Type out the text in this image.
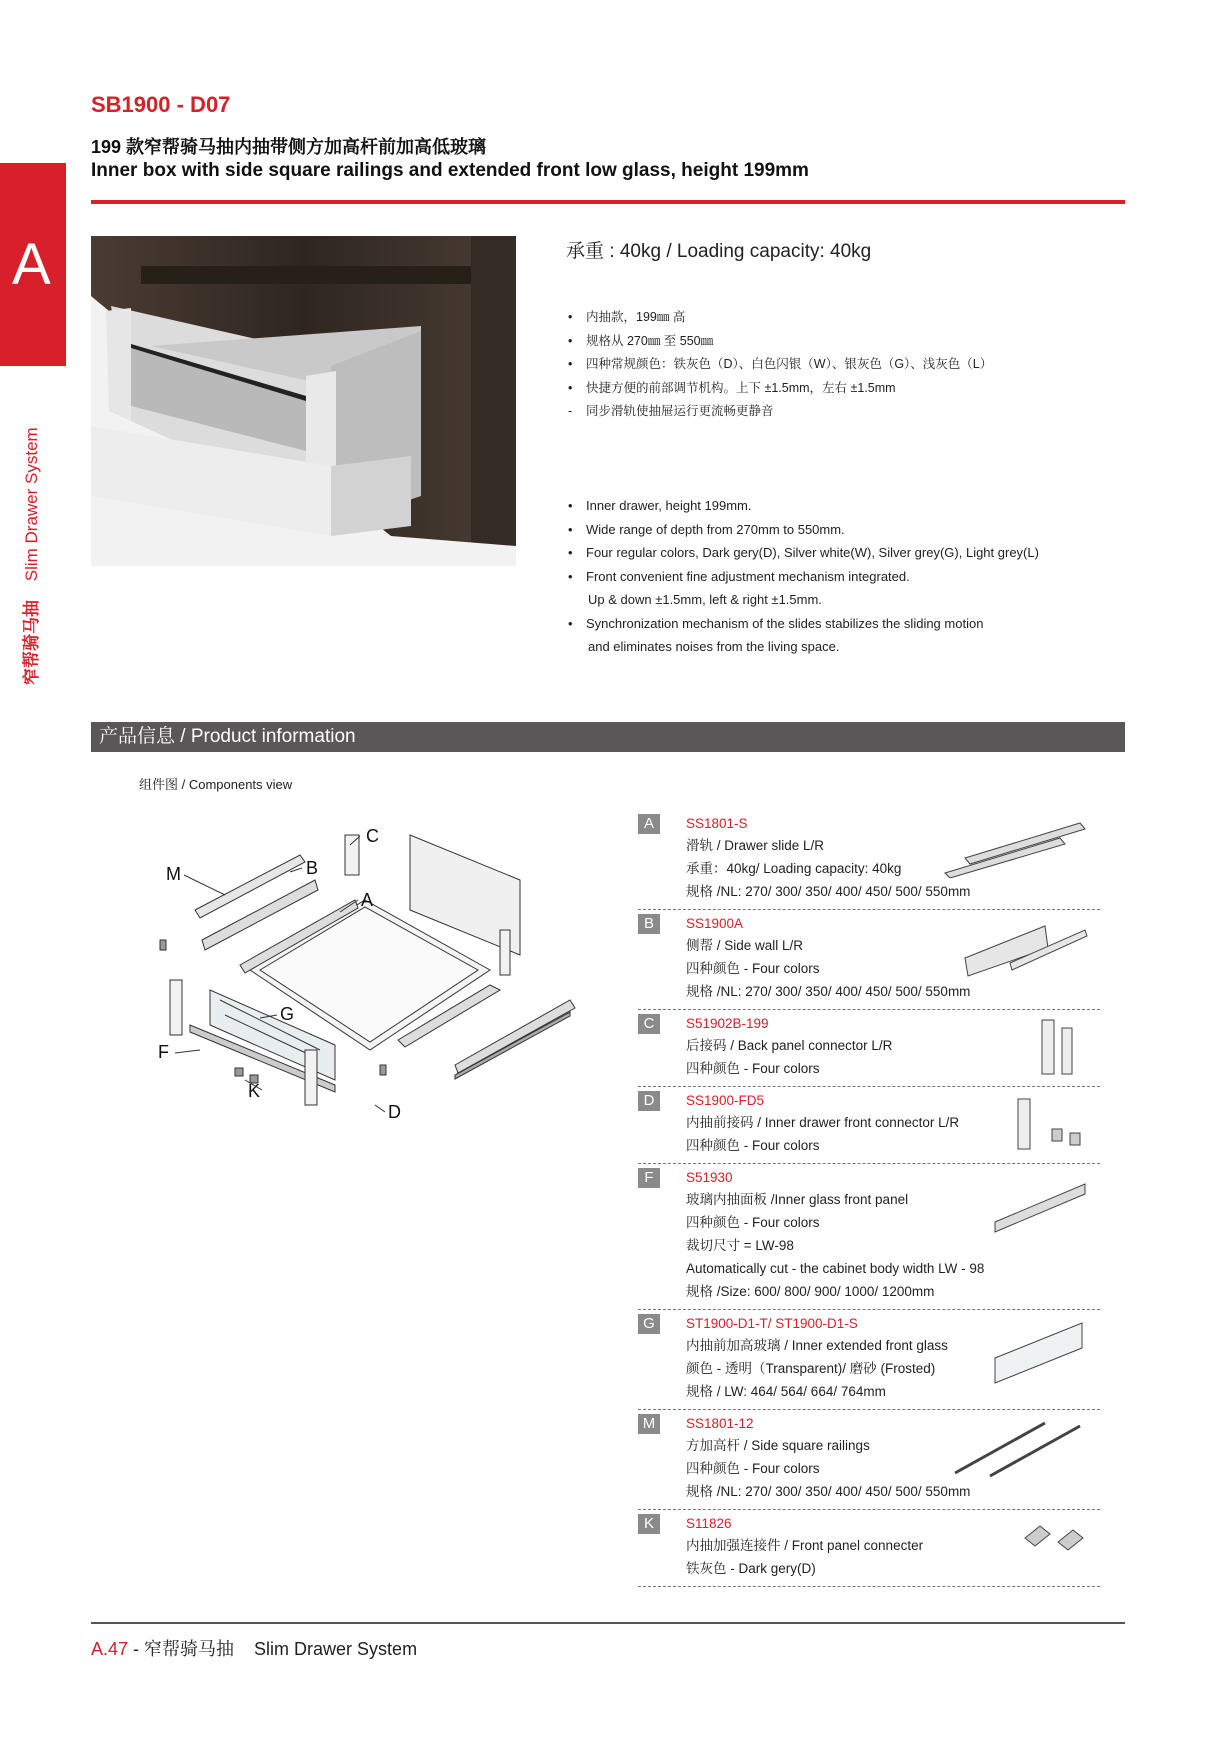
A
窄帮骑马抽 Slim Drawer System
SB1900 - D07
199 款窄帮骑马抽内抽带侧方加高杆前加高低玻璃
Inner box with side square railings and extended front low glass, height 199mm
承重 : 40kg / Loading capacity: 40kg
• 内抽款，199㎜ 高
• 规格从 270㎜ 至 550㎜
• 四种常规颜色：铁灰色（D）、白色闪银（W）、银灰色（G）、浅灰色（L）
• 快捷方便的前部调节机构。上下 ±1.5mm，左右 ±1.5mm
- 同步滑轨使抽屉运行更流畅更静音
• Inner drawer, height 199mm.
• Wide range of depth from 270mm to 550mm.
• Four regular colors, Dark gery(D), Silver white(W), Silver grey(G), Light grey(L)
• Front convenient fine adjustment mechanism integrated.
Up & down ±1.5mm, left & right ±1.5mm.
• Synchronization mechanism of the slides stabilizes the sliding motion
and eliminates noises from the living space.
产品信息 / Product information
组件图 / Components view
C
B
M
A
G
F
K
D
A	SS1801-S
滑轨 / Drawer slide L/R
承重：40kg/ Loading capacity: 40kg
规格 /NL: 270/ 300/ 350/ 400/ 450/ 500/ 550mm
B	SS1900A
侧帮 / Side wall L/R
四种颜色 - Four colors
规格 /NL: 270/ 300/ 350/ 400/ 450/ 500/ 550mm
C	S51902B-199
后接码 / Back panel connector L/R
四种颜色 - Four colors
D	SS1900-FD5
内抽前接码 / Inner drawer front connector L/R
四种颜色 - Four colors
F	S51930
玻璃内抽面板 /Inner glass front panel
四种颜色 - Four colors
裁切尺寸 = LW-98
Automatically cut - the cabinet body width LW - 98
规格 /Size: 600/ 800/ 900/ 1000/ 1200mm
G	ST1900-D1-T/ ST1900-D1-S
内抽前加高玻璃 / Inner extended front glass
颜色 - 透明（Transparent)/ 磨砂 (Frosted)
规格 / LW: 464/ 564/ 664/ 764mm
M	SS1801-12
方加高杆 / Side square railings
四种颜色 - Four colors
规格 /NL: 270/ 300/ 350/ 400/ 450/ 500/ 550mm
K	S11826
内抽加强连接件 / Front panel connecter
铁灰色 - Dark gery(D)
A.47 - 窄帮骑马抽 Slim Drawer System
